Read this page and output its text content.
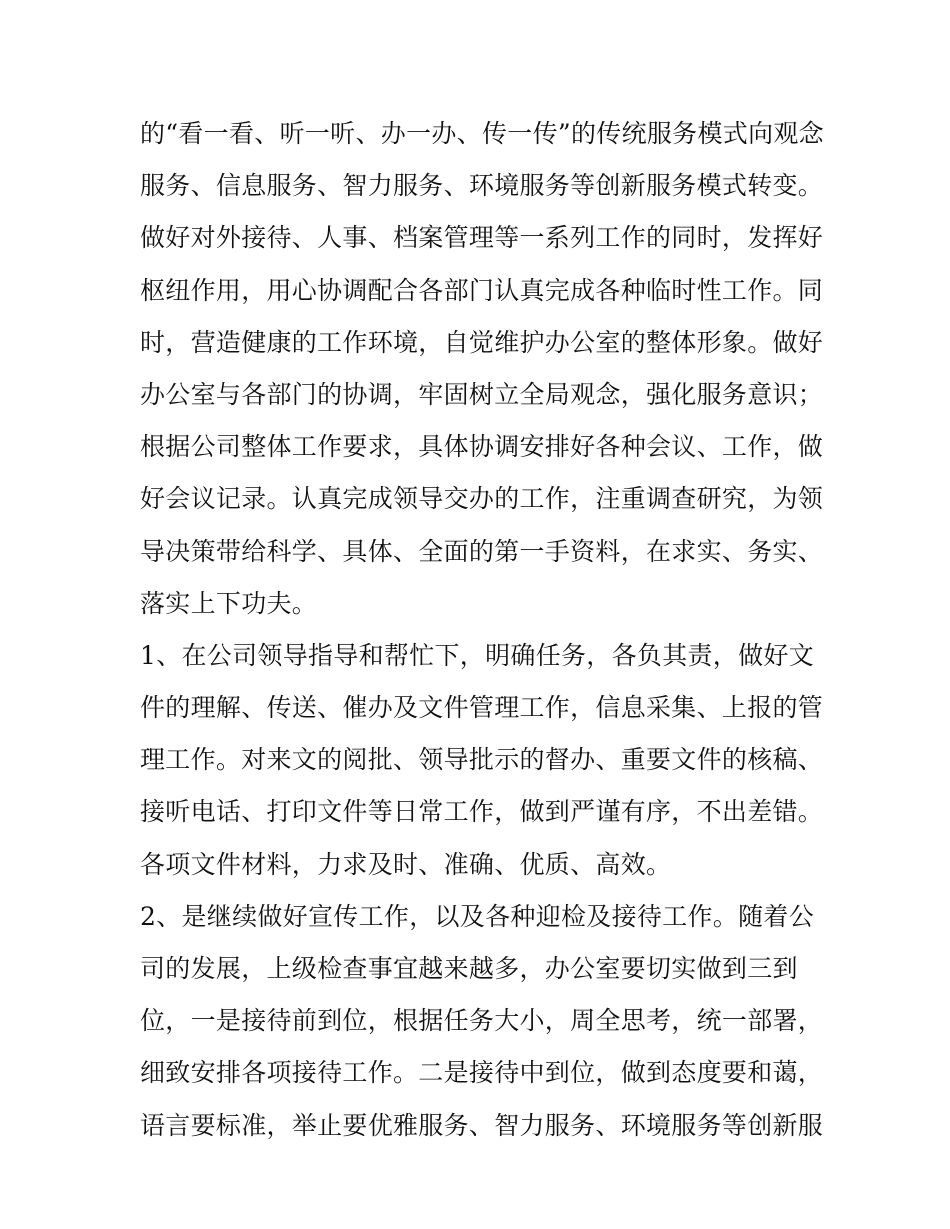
的“看一看、听一听、办一办、传一传”的传统服务模式向观念
服务、信息服务、智力服务、环境服务等创新服务模式转变。
做好对外接待、人事、档案管理等一系列工作的同时，发挥好
枢纽作用，用心协调配合各部门认真完成各种临时性工作。同
时，营造健康的工作环境，自觉维护办公室的整体形象。做好
办公室与各部门的协调，牢固树立全局观念，强化服务意识；
根据公司整体工作要求，具体协调安排好各种会议、工作，做
好会议记录。认真完成领导交办的工作，注重调查研究，为领
导决策带给科学、具体、全面的第一手资料，在求实、务实、
落实上下功夫。
1、在公司领导指导和帮忙下，明确任务，各负其责，做好文
件的理解、传送、催办及文件管理工作，信息采集、上报的管
理工作。对来文的阅批、领导批示的督办、重要文件的核稿、
接听电话、打印文件等日常工作，做到严谨有序，不出差错。
各项文件材料，力求及时、准确、优质、高效。
2、是继续做好宣传工作，以及各种迎检及接待工作。随着公
司的发展，上级检查事宜越来越多，办公室要切实做到三到
位，一是接待前到位，根据任务大小，周全思考，统一部署，
细致安排各项接待工作。二是接待中到位，做到态度要和蔼，
语言要标准，举止要优雅服务、智力服务、环境服务等创新服
